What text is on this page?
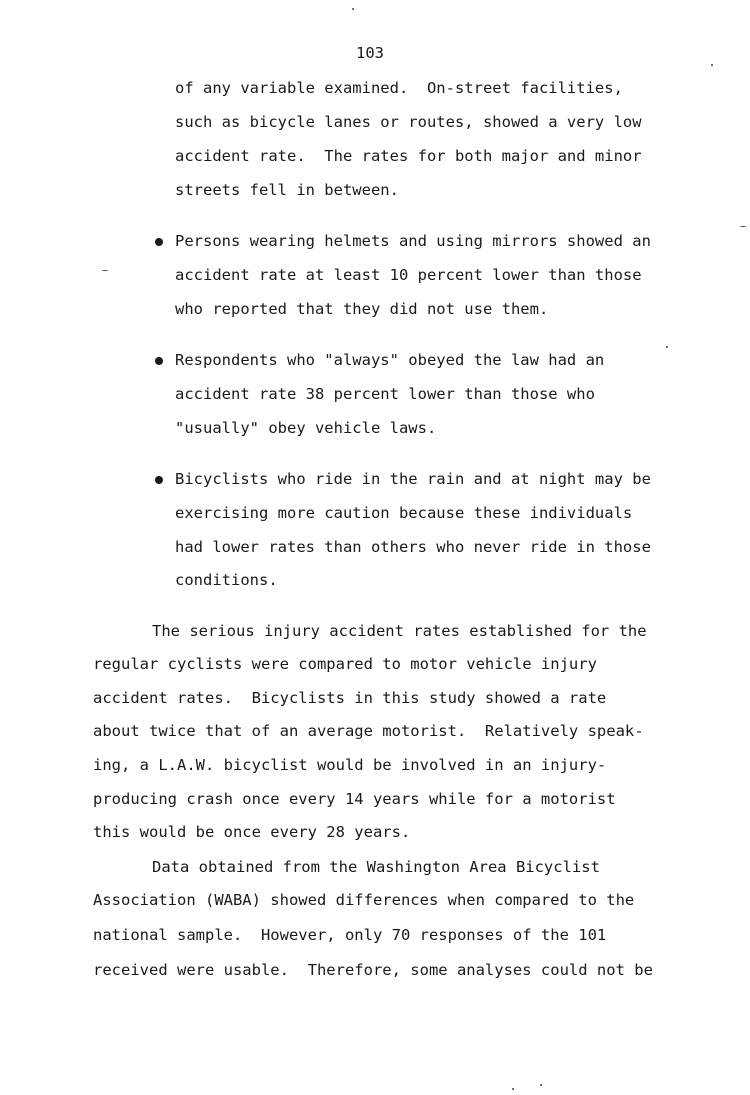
103
of any variable examined.  On-street facilities,
such as bicycle lanes or routes, showed a very low
accident rate.  The rates for both major and minor
streets fell in between.
Persons wearing helmets and using mirrors showed an
accident rate at least 10 percent lower than those
who reported that they did not use them.
Respondents who "always" obeyed the law had an
accident rate 38 percent lower than those who
"usually" obey vehicle laws.
Bicyclists who ride in the rain and at night may be
exercising more caution because these individuals
had lower rates than others who never ride in those
conditions.
The serious injury accident rates established for the
regular cyclists were compared to motor vehicle injury
accident rates.  Bicyclists in this study showed a rate
about twice that of an average motorist.  Relatively speak-
ing, a L.A.W. bicyclist would be involved in an injury-
producing crash once every 14 years while for a motorist
this would be once every 28 years.
Data obtained from the Washington Area Bicyclist
Association (WABA) showed differences when compared to the
national sample.  However, only 70 responses of the 101
received were usable.  Therefore, some analyses could not be
